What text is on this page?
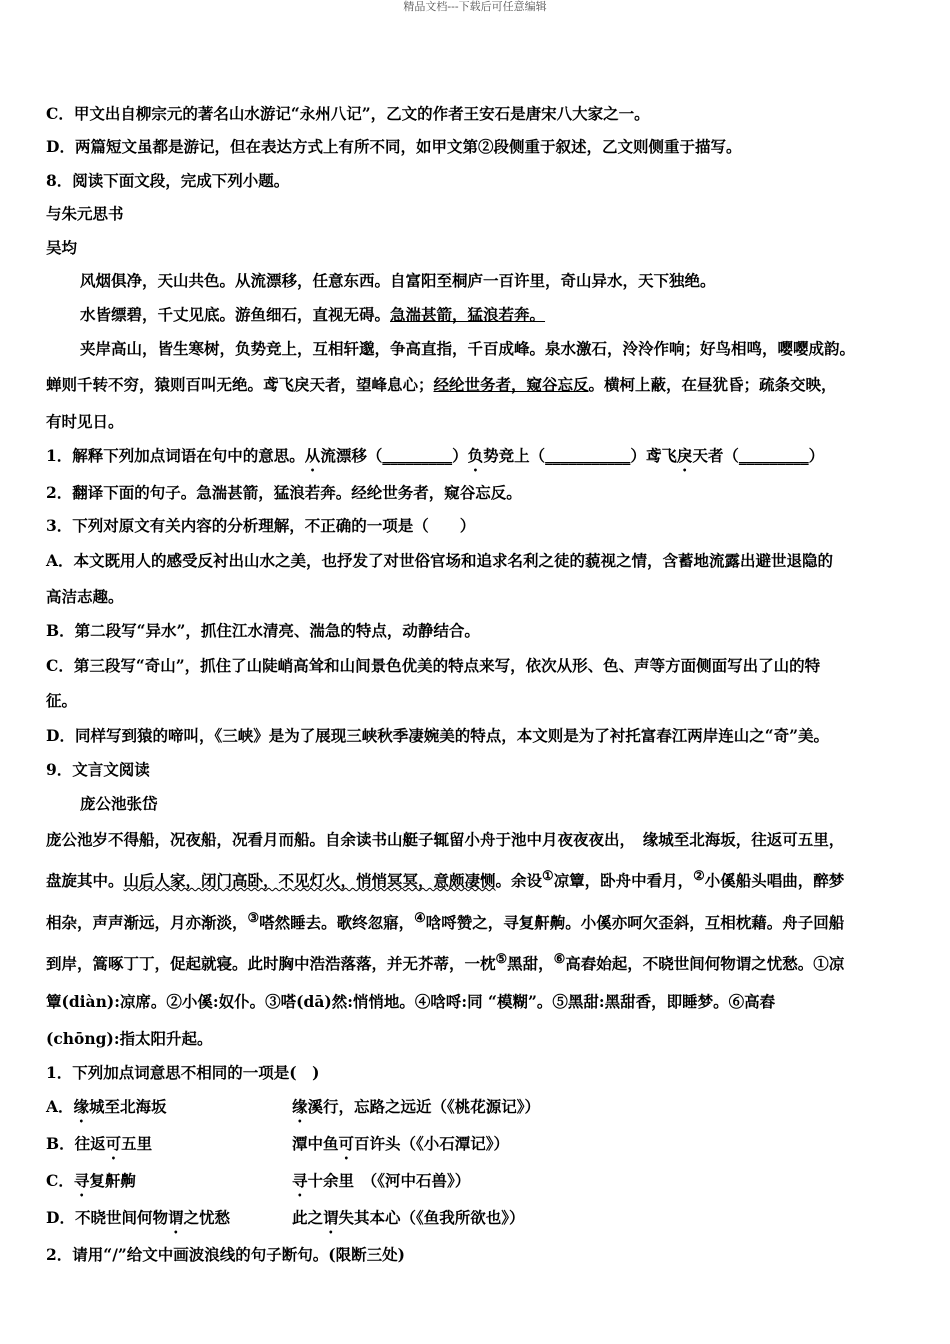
精品文档---下载后可任意编辑

C．甲文出自柳宗元的著名山水游记“永州八记”，乙文的作者王安石是唐宋八大家之一。

D．两篇短文虽都是游记，但在表达方式上有所不同，如甲文第②段侧重于叙述，乙文则侧重于描写。

8．阅读下面文段，完成下列小题。

与朱元思书

吴均

风烟俱净，天山共色。从流漂移，任意东西。自富阳至桐庐一百许里，奇山异水，天下独绝。

水皆缥碧，千丈见底。游鱼细石，直视无碍。急湍甚箭，猛浪若奔。

夹岸高山，皆生寒树，负势竞上，互相轩邈，争高直指，千百成峰。泉水激石，泠泠作响；好鸟相鸣，嘤嘤成韵。

蝉则千转不穷，猿则百叫无绝。鸢飞戾天者，望峰息心；经纶世务者，窥谷忘反。横柯上蔽，在昼犹昏；疏条交映，

有时见日。

1．解释下列加点词语在句中的意思。从流漂移（_________）负势竞上（___________）鸢飞戾天者（_________）

2．翻译下面的句子。急湍甚箭，猛浪若奔。经纶世务者，窥谷忘反。

3．下列对原文有关内容的分析理解，不正确的一项是（　　）

A．本文既用人的感受反衬出山水之美，也抒发了对世俗官场和追求名利之徒的藐视之情，含蓄地流露出避世退隐的

高洁志趣。

B．第二段写“异水”，抓住江水清亮、湍急的特点，动静结合。

C．第三段写“奇山”，抓住了山陡峭高耸和山间景色优美的特点来写，依次从形、色、声等方面侧面写出了山的特

征。

D．同样写到猿的啼叫，《三峡》是为了展现三峡秋季凄婉美的特点，本文则是为了衬托富春江两岸连山之“奇”美。

9．文言文阅读

庞公池张岱

庞公池岁不得船，况夜船，况看月而船。自余读书山艇子辄留小舟于池中月夜夜夜出，　缘城至北海坂，往返可五里，

盘旋其中。山后人家，闭门高卧，不见灯火，悄悄冥冥，意颇凄恻。余设①凉簟，卧舟中看月，②小傒船头唱曲，醉梦

相杂，声声渐远，月亦渐淡，③嗒然睡去。歌终忽寤，④唅哷赞之，寻复鼾齁。小傒亦呵欠歪斜，互相枕藉。舟子回船

到岸，篙啄丁丁，促起就寝。此时胸中浩浩落落，并无芥蒂，一枕⑤黑甜，⑥高舂始起，不晓世间何物谓之忧愁。①凉

簟(diàn):凉席。②小傒:奴仆。③嗒(dā)然:悄悄地。④唅哷:同 “模糊”。⑤黑甜:黑甜香，即睡梦。⑥高舂

(chōng):指太阳升起。

1．下列加点词意思不相同的一项是(　)

A．缘城至北海坂	缘溪行，忘路之远近（《桃花源记》）

B．往返可五里	潭中鱼可百许头（《小石潭记》）

C．寻复鼾齁	寻十余里　（《河中石兽》）

D．不晓世间何物谓之忧愁	此之谓失其本心（《鱼我所欲也》）

2．请用“/”给文中画波浪线的句子断句。(限断三处)
